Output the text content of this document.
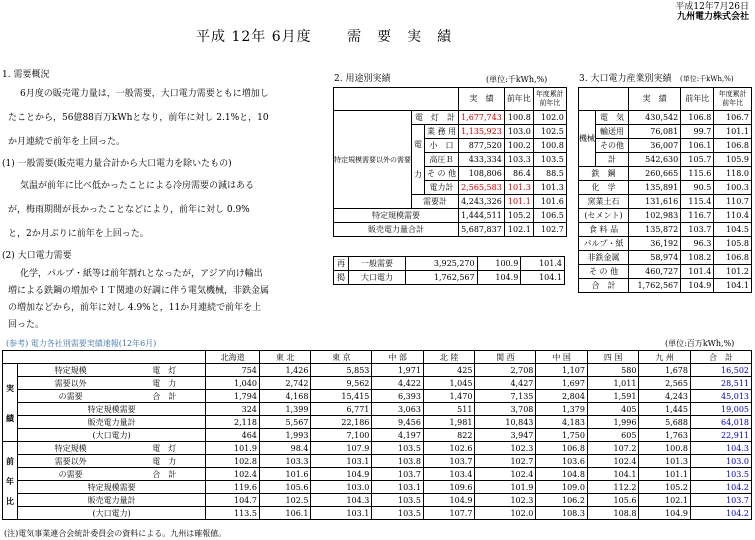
平成12年7月26日
九州電力株式会社
平成 12年 6月度　　 需　要　実　績
1. 需要概況
6月度の販売電力量は，一般需要，大口電力需要ともに増加し
たことから，56億88百万kWhとなり，前年に対し 2.1%と，10
か月連続で前年を上回った。
(1) 一般需要(販売電力量合計から大口電力を除いたもの)
気温が前年に比べ低かったことによる冷房需要の減はある
が，梅雨期間が長かったことなどにより，前年に対し 0.9%
と，2か月ぶりに前年を上回った。
(2) 大口電力需要
化学，パルプ・紙等は前年割れとなったが，アジア向け輸出
増による鉄鋼の増加やＩＴ関連の好調に伴う電気機械，非鉄金属
の増加などから，前年に対し 4.9%と，11か月連続で前年を上
回った。
2. 用途別実績	(単位:千kWh,%)
			実　績	前年比	年度累計
前年比
特定規模需要以外の需要	電　灯　計		1,677,743	100.8	102.0
	電
力	業 務 用	1,135,923	103.0	102.5
		小　口	877,520	100.2	100.8
		高圧Ｂ	433,334	103.3	103.5
		そ の 他	108,806	86.4	88.5
		電力計	2,565,583	101.3	101.3
	需要計		4,243,326	101.1	101.6
特定規模需要			1,444,511	105.2	106.5
販売電力量合計			5,687,837	102.1	102.7
再	一般需要	3,925,270	100.9	101.4
掲	大口電力	1,762,567	104.9	104.1
3. 大口電力産業別実績 (単位:千kWh,%)
		実　績	前年比	年度累計
前年比
機械	電　気	430,542	106.8	106.7
	輸送用	76,081	99.7	101.1
	その他	36,007	106.1	106.8
	計	542,630	105.7	105.9
鉄　鋼		260,665	115.6	118.0
化　学		135,891	90.5	100.3
窯業土石		131,616	115.4	110.7
(セメント)		102,983	116.7	110.4
食 料 品		135,872	103.7	104.5
パルプ・紙		36,192	96.3	105.8
非鉄金属		58,974	108.2	106.8
そ の 他		460,727	101.4	101.2
合　計		1,762,567	104.9	104.1
(参考) 電力各社別需要実績速報(12年6月)	(単位:百万kWh,%)
			北海道	東 北	東 京	中 部	北 陸	関 西	中 国	四 国	九 州	合　計
実
績	特定規模	電　灯	754	1,426	5,853	1,971	425	2,708	1,107	580	1,678	16,502
	需要以外	電　力	1,040	2,742	9,562	4,422	1,045	4,427	1,697	1,011	2,565	28,511
	の需要	合　計	1,794	4,168	15,415	6,393	1,470	7,135	2,804	1,591	4,243	45,013
	特定規模需要		324	1,399	6,771	3,063	511	3,708	1,379	405	1,445	19,005
	販売電力量計		2,118	5,567	22,186	9,456	1,981	10,843	4,183	1,996	5,688	64,018
	(大口電力)		464	1,993	7,100	4,197	822	3,947	1,750	605	1,763	22,911
前
年
比	特定規模	電　灯	101.9	98.4	107.9	103.5	102.6	102.3	106.8	107.2	100.8	104.3
	需要以外	電　力	102.8	103.3	103.1	103.8	103.7	102.7	103.6	102.4	101.3	103.0
	の需要	合　計	102.4	101.6	104.9	103.7	103.4	102.4	104.8	104.1	101.1	103.5
	特定規模需要		119.6	105.6	103.0	103.1	109.6	101.9	109.0	112.2	105.2	104.2
	販売電力量計		104.7	102.5	104.3	103.5	104.9	102.3	106.2	105.6	102.1	103.7
	(大口電力)		113.5	106.1	103.1	103.5	107.7	102.0	108.3	108.8	104.9	104.2
(注)電気事業連合会統計委員会の資料による。九州は確報値。
